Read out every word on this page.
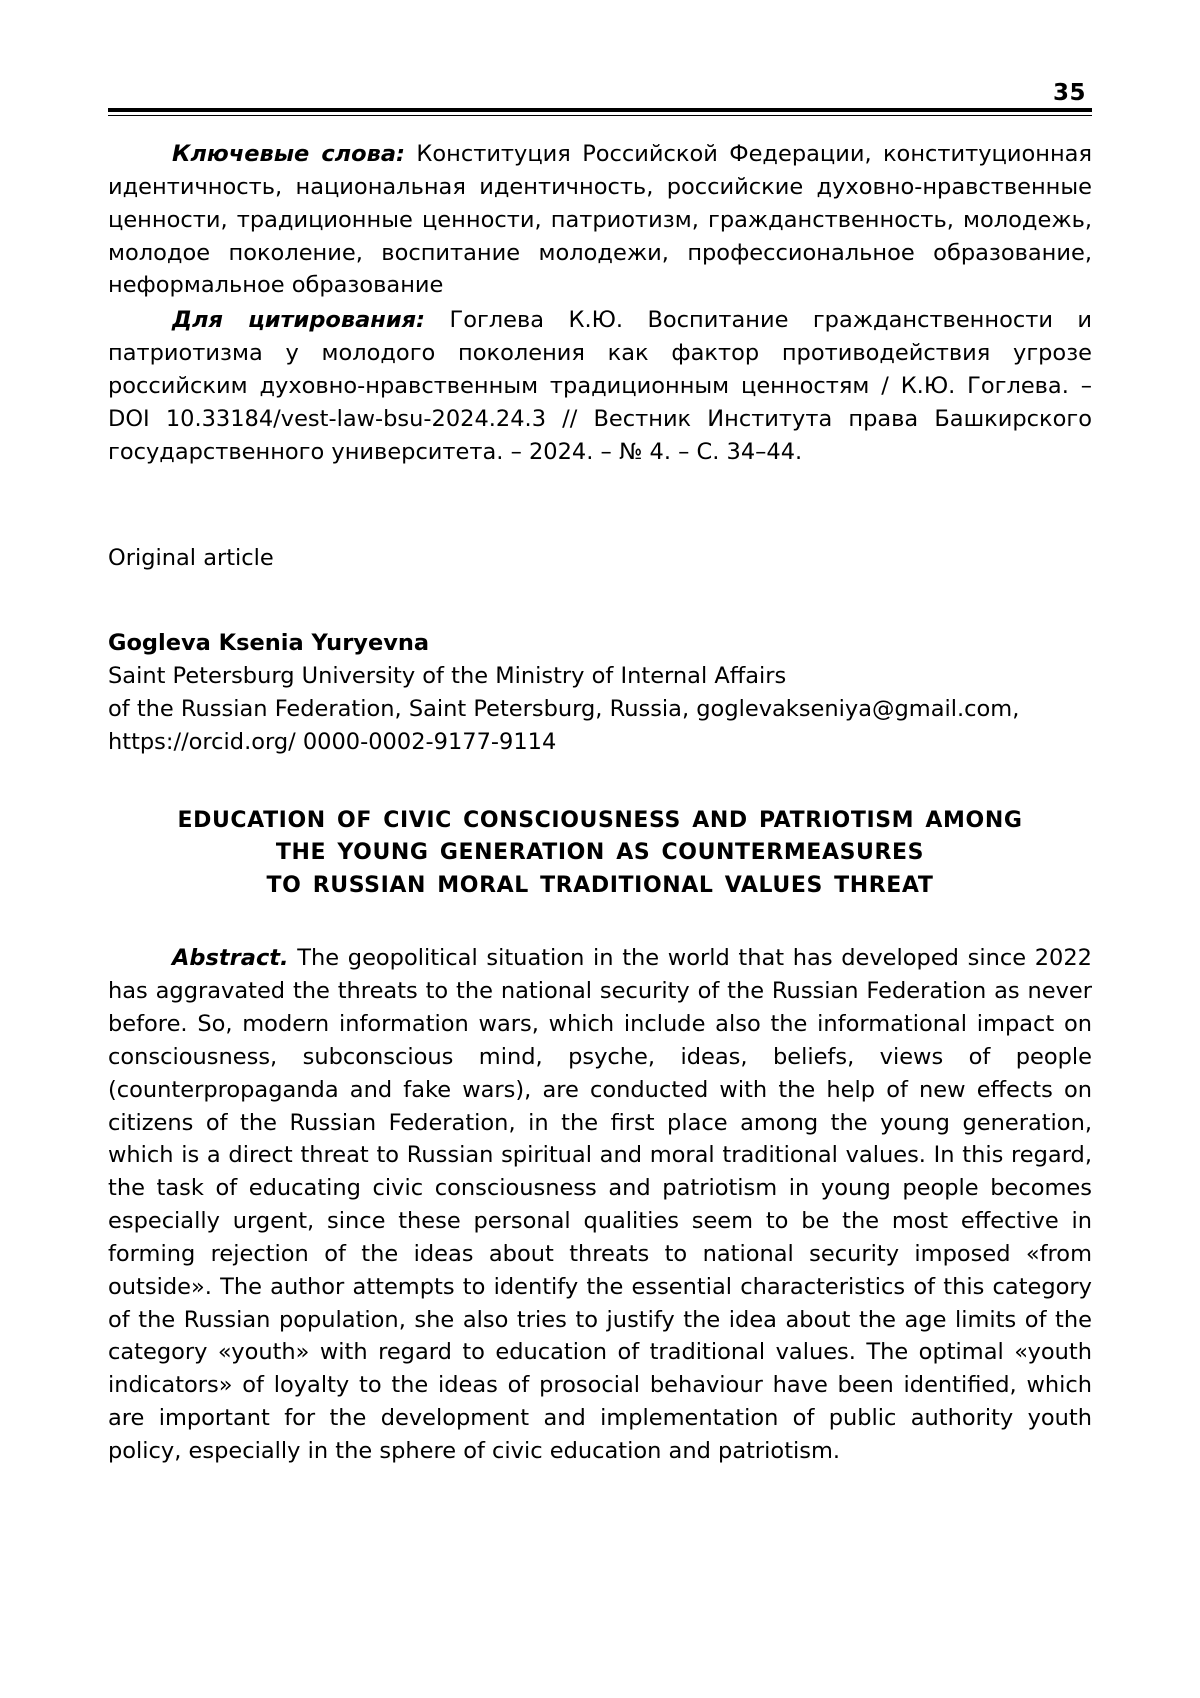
35

Ключевые слова: Конституция Российской Федерации, конституционная идентичность, национальная идентичность, российские духовно-нравственные ценности, традиционные ценности, патриотизм, гражданственность, молодежь, молодое поколение, воспитание молодежи, профессиональное образование, неформальное образование

Для цитирования: Гоглева К.Ю. Воспитание гражданственности и патриотизма у молодого поколения как фактор противодействия угрозе российским духовно-нравственным традиционным ценностям / К.Ю. Гоглева. – DOI 10.33184/vest-law-bsu-2024.24.3 // Вестник Института права Башкирского государственного университета. – 2024. – № 4. – С. 34–44.

Original article

Gogleva Ksenia Yuryevna

Saint Petersburg University of the Ministry of Internal Affairs

of the Russian Federation, Saint Petersburg, Russia, goglevakseniya@gmail.com,

https://orcid.org/ 0000-0002-9177-9114

EDUCATION OF CIVIC CONSCIOUSNESS AND PATRIOTISM AMONG
THE YOUNG GENERATION AS COUNTERMEASURES
TO RUSSIAN MORAL TRADITIONAL VALUES THREAT

Abstract. The geopolitical situation in the world that has developed since 2022 has aggravated the threats to the national security of the Russian Federation as never before. So, modern information wars, which include also the informational impact on consciousness, subconscious mind, psyche, ideas, beliefs, views of people (counterpropaganda and fake wars), are conducted with the help of new effects on citizens of the Russian Federation, in the first place among the young generation, which is a direct threat to Russian spiritual and moral traditional values. In this regard, the task of educating civic consciousness and patriotism in young people becomes especially urgent, since these personal qualities seem to be the most effective in forming rejection of the ideas about threats to national security imposed «from outside». The author attempts to identify the essential characteristics of this category of the Russian population, she also tries to justify the idea about the age limits of the category «youth» with regard to education of traditional values. The optimal «youth indicators» of loyalty to the ideas of prosocial behaviour have been identified, which are important for the development and implementation of public authority youth policy, especially in the sphere of civic education and patriotism.
